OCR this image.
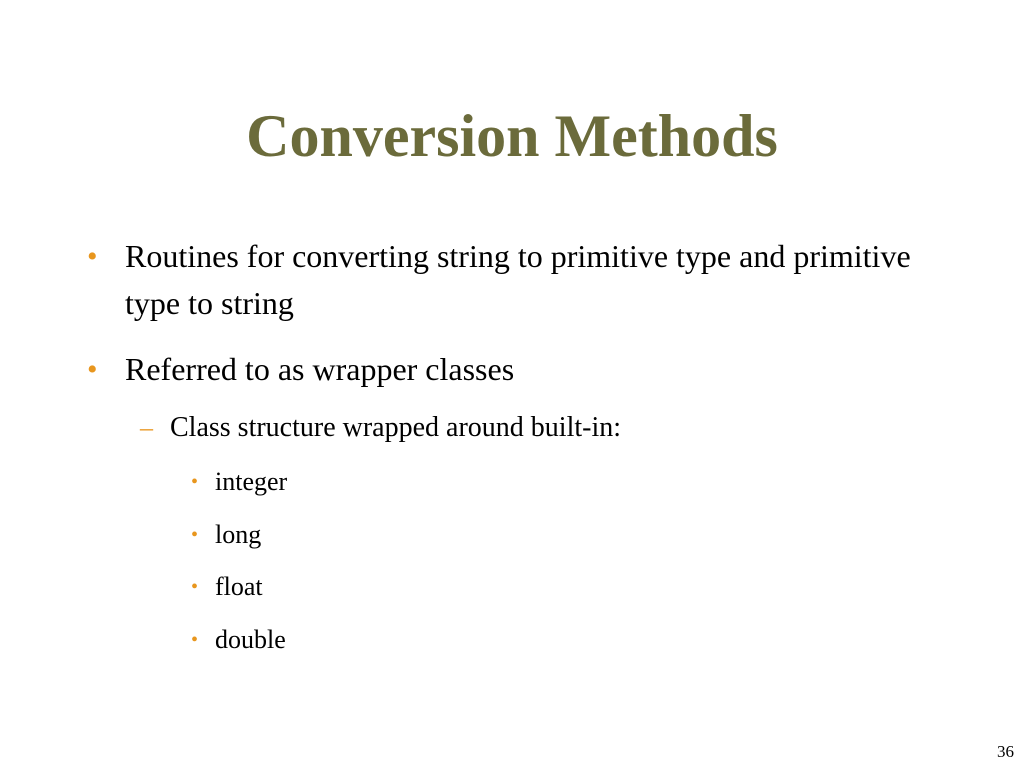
Conversion Methods
• Routines for converting string to primitive type and primitive type to string
• Referred to as wrapper classes
– Class structure wrapped around built-in:
• integer
• long
• float
• double
36
